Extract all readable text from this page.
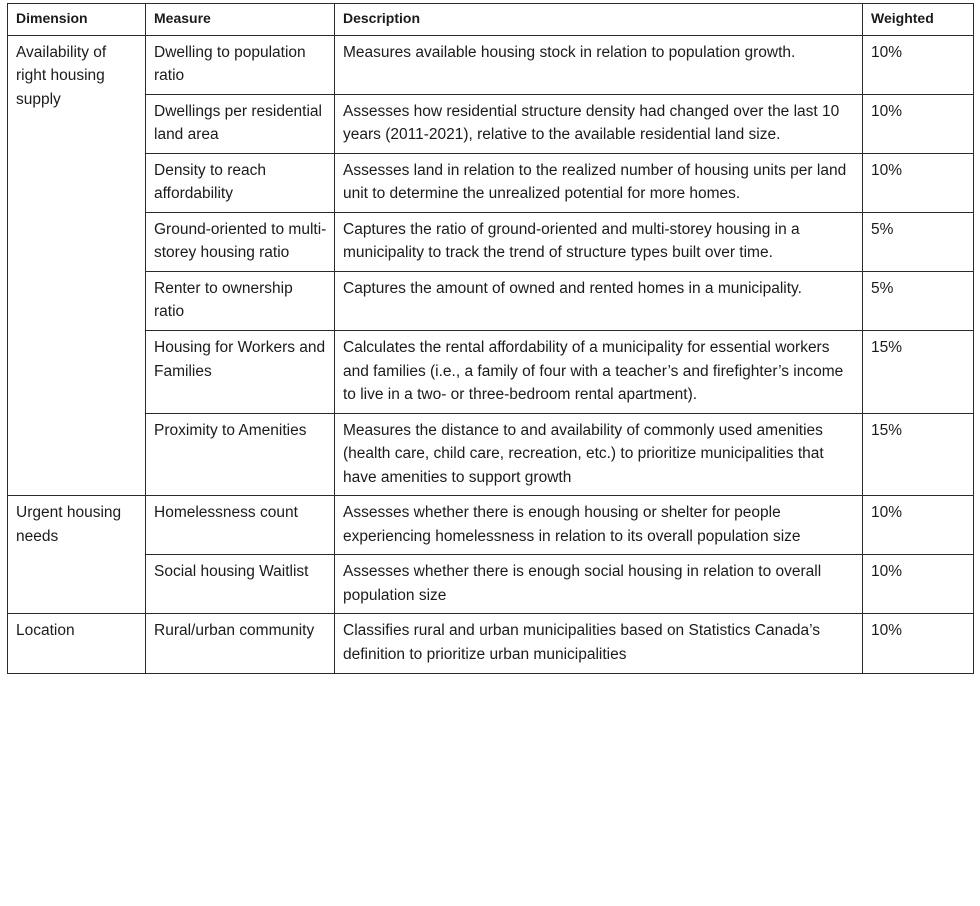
Dimension	Measure	Description	Weighted
Availability of right housing supply	Dwelling to population ratio	Measures available housing stock in relation to population growth.	10%
	Dwellings per residential land area	Assesses how residential structure density had changed over the last 10 years (2011-2021), relative to the available residential land size.	10%
	Density to reach affordability	Assesses land in relation to the realized number of housing units per land unit to determine the unrealized potential for more homes.	10%
	Ground-oriented to multi-storey housing ratio	Captures the ratio of ground-oriented and multi-storey housing in a municipality to track the trend of structure types built over time.	5%
	Renter to ownership ratio	Captures the amount of owned and rented homes in a municipality.	5%
	Housing for Workers and Families	Calculates the rental affordability of a municipality for essential workers and families (i.e., a family of four with a teacher’s and firefighter’s income to live in a two- or three-bedroom rental apartment).	15%
	Proximity to Amenities	Measures the distance to and availability of commonly used amenities (health care, child care, recreation, etc.) to prioritize municipalities that have amenities to support growth	15%
Urgent housing needs	Homelessness count	Assesses whether there is enough housing or shelter for people experiencing homelessness in relation to its overall population size	10%
	Social housing Waitlist	Assesses whether there is enough social housing in relation to overall population size	10%
Location	Rural/urban community	Classifies rural and urban municipalities based on Statistics Canada’s definition to prioritize urban municipalities	10%
